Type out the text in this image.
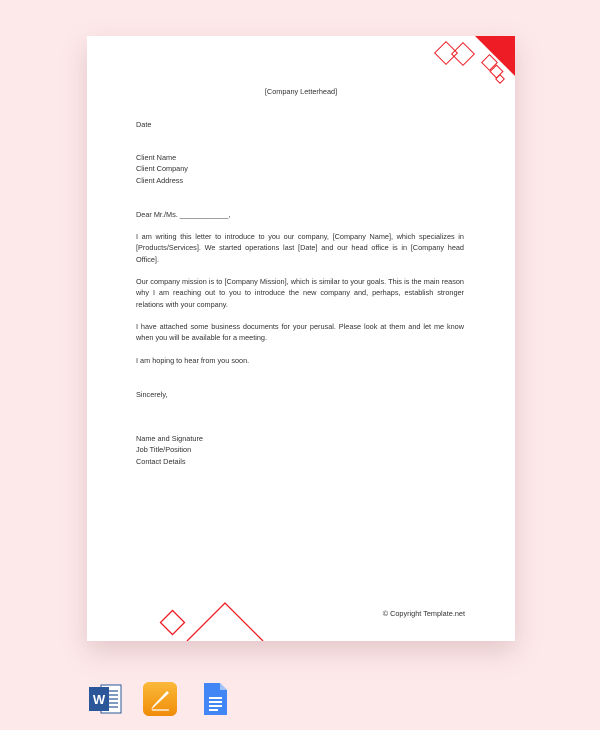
[Company Letterhead]
Date
Client Name
Client Company
Client Address
Dear Mr./Ms. ____________,
I am writing this letter to introduce to you our company, [Company Name], which specializes in [Products/Services]. We started operations last [Date] and our head office is in [Company head Office].
Our company mission is to [Company Mission], which is similar to your goals. This is the main reason why I am reaching out to you to introduce the new company and, perhaps, establish stronger relations with your company.
I have attached some business documents for your perusal. Please look at them and let me know when you will be available for a meeting.
I am hoping to hear from you soon.
Sincerely,
Name and Signature
Job Title/Position
Contact Details
© Copyright Template.net
W
